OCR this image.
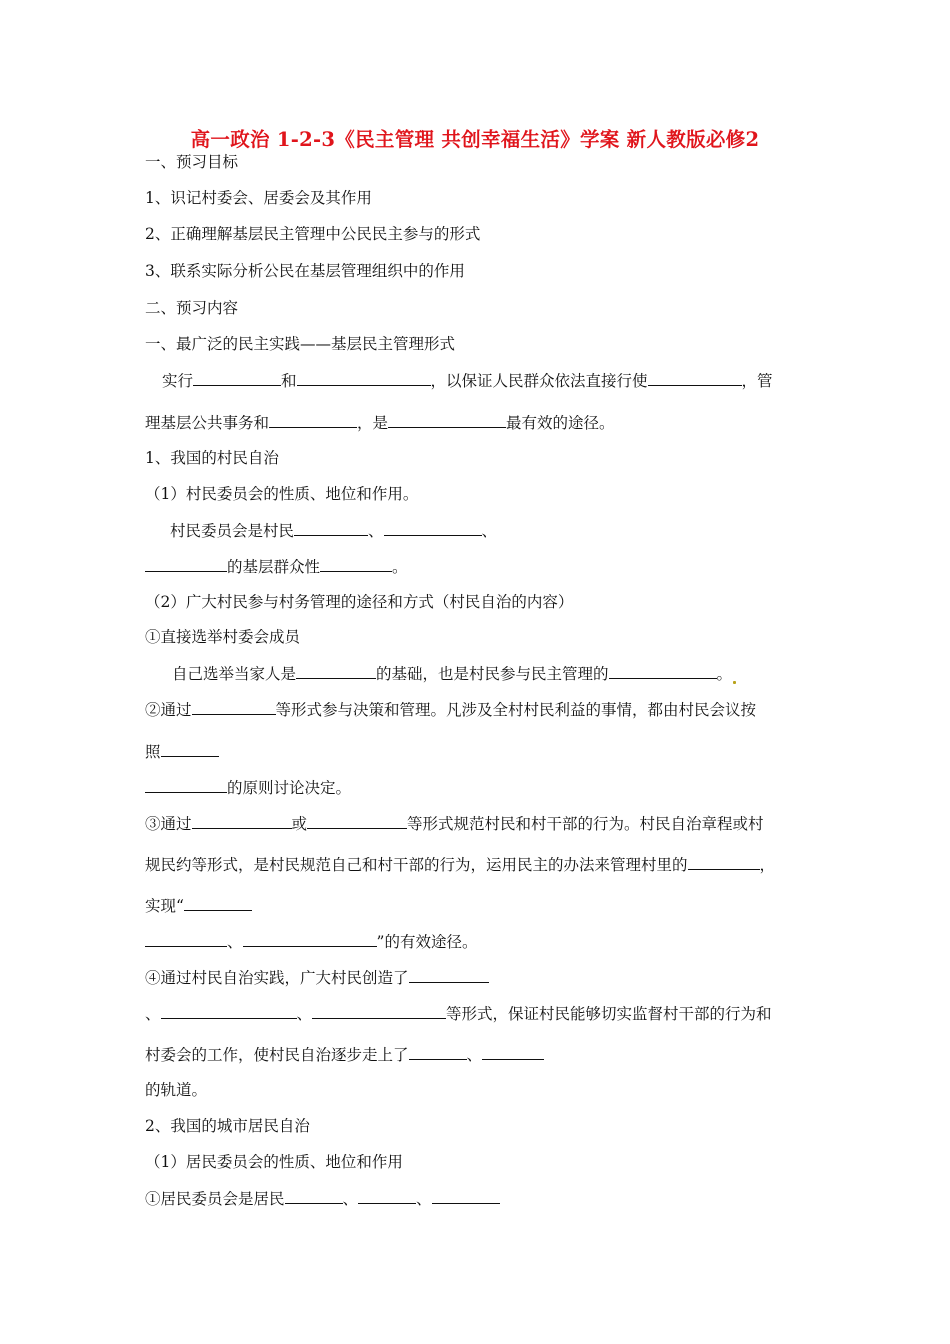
高一政治 1-2-3《民主管理 共创幸福生活》学案 新人教版必修2
一、预习目标
1、识记村委会、居委会及其作用
2、正确理解基层民主管理中公民民主参与的形式
3、联系实际分析公民在基层管理组织中的作用
二、预习内容
一、最广泛的民主实践——基层民主管理形式
实行	和	，以保证人民群众依法直接行使	，管
理基层公共事务和	，是	最有效的途径。
1、我国的村民自治
（1）村民委员会的性质、地位和作用。
村民委员会是村民	、	、
的基层群众性	。
（2）广大村民参与村务管理的途径和方式（村民自治的内容）
①直接选举村委会成员
自己选举当家人是	的基础，也是村民参与民主管理的	。
②通过	等形式参与决策和管理。凡涉及全村村民利益的事情，都由村民会议按
照
的原则讨论决定。
③通过	或	等形式规范村民和村干部的行为。村民自治章程或村
规民约等形式，是村民规范自己和村干部的行为，运用民主的办法来管理村里的	，
实现“
、	”的有效途径。
④通过村民自治实践，广大村民创造了
、	、	等形式，保证村民能够切实监督村干部的行为和
村委会的工作，使村民自治逐步走上了	、
的轨道。
2、我国的城市居民自治
（1）居民委员会的性质、地位和作用
①居民委员会是居民	、	、
